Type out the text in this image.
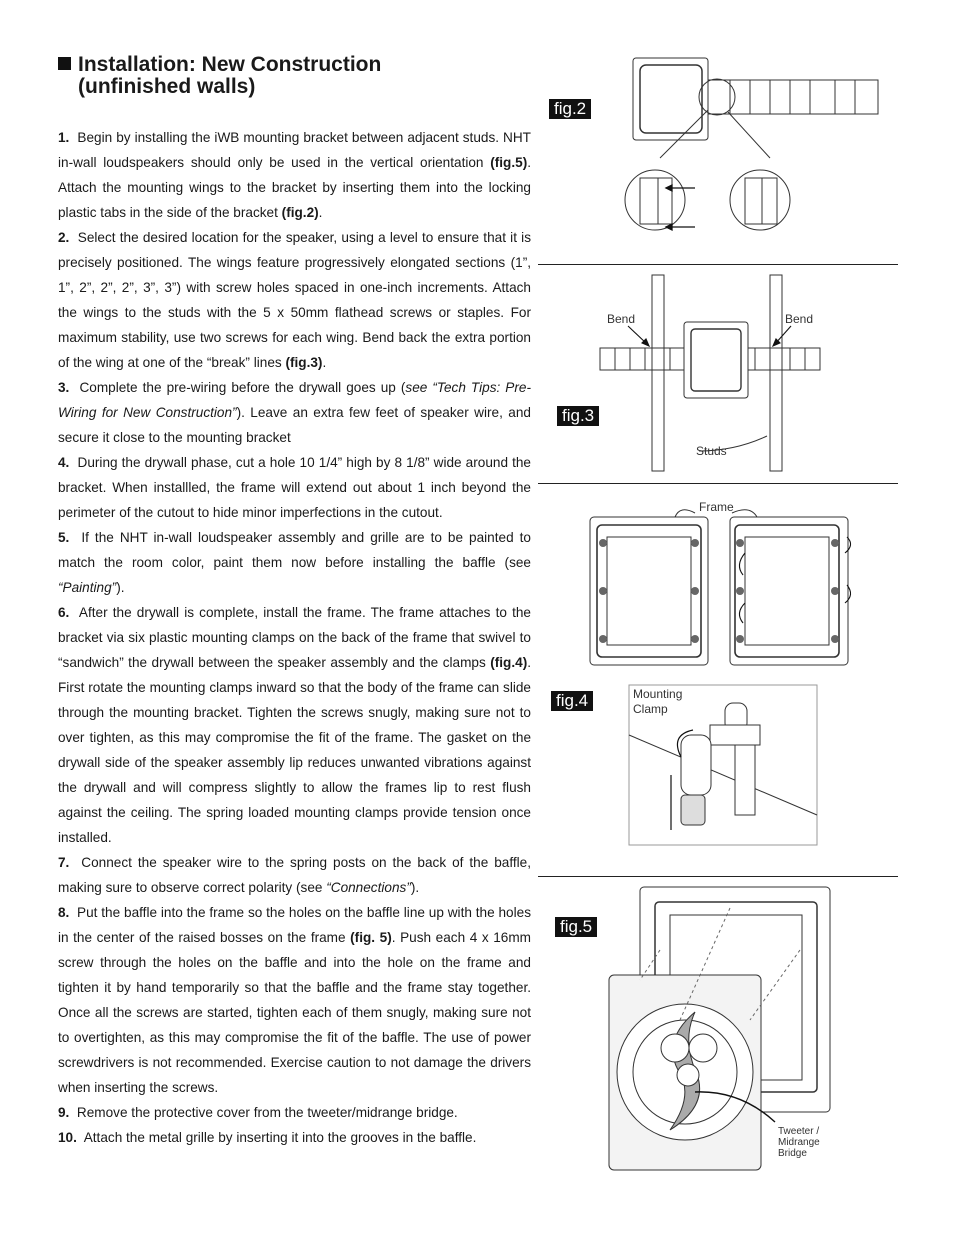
Installation: New Construction
(unfinished walls)

1. Begin by installing the iWB mounting bracket between adjacent studs. NHT in-wall loudspeakers should only be used in the vertical orientation (fig.5). Attach the mounting wings to the bracket by inserting them into the locking plastic tabs in the side of the bracket (fig.2).

2. Select the desired location for the speaker, using a level to ensure that it is precisely positioned. The wings feature progressively elongated sections (1”, 1”, 2”, 2”, 2”, 3”, 3”) with screw holes spaced in one-inch increments. Attach the wings to the studs with the 5 x 50mm flathead screws or staples. For maximum stability, use two screws for each wing. Bend back the extra portion of the wing at one of the “break” lines (fig.3).

3. Complete the pre-wiring before the drywall goes up (see “Tech Tips: Pre-Wiring for New Construction”). Leave an extra few feet of speaker wire, and secure it close to the mounting bracket

4. During the drywall phase, cut a hole 10 1/4” high by 8 1/8” wide around the bracket. When installled, the frame will extend out about 1 inch beyond the perimeter of the cutout to hide minor imperfections in the cutout.

5. If the NHT in-wall loudspeaker assembly and grille are to be painted to match the room color, paint them now before installing the baffle (see “Painting”).

6. After the drywall is complete, install the frame. The frame attaches to the bracket via six plastic mounting clamps on the back of the frame that swivel to “sandwich” the drywall between the speaker assembly and the clamps (fig.4). First rotate the mounting clamps inward so that the body of the frame can slide through the mounting bracket. Tighten the screws snugly, making sure not to over tighten, as this may compromise the fit of the frame. The gasket on the drywall side of the speaker assembly lip reduces unwanted vibrations against the drywall and will compress slightly to allow the frames lip to rest flush against the ceiling. The spring loaded mounting clamps provide tension once installed.

7. Connect the speaker wire to the spring posts on the back of the baffle, making sure to observe correct polarity (see “Connections”).

8. Put the baffle into the frame so the holes on the baffle line up with the holes in the center of the raised bosses on the frame (fig. 5). Push each 4 x 16mm screw through the holes on the baffle and into the hole on the frame and tighten it by hand temporarily so that the baffle and the frame stay together. Once all the screws are started, tighten each of them snugly, making sure not to overtighten, as this may compromise the fit of the baffle. The use of power screwdrivers is not recommended. Exercise caution to not damage the drivers when inserting the screws.

9. Remove the protective cover from the tweeter/midrange bridge.

10. Attach the metal grille by inserting it into the grooves in the baffle.

fig.2
fig.3
Bend	Bend
Studs
fig.4
Frame
Mounting
Clamp
fig.5
Tweeter /
Midrange
Bridge
